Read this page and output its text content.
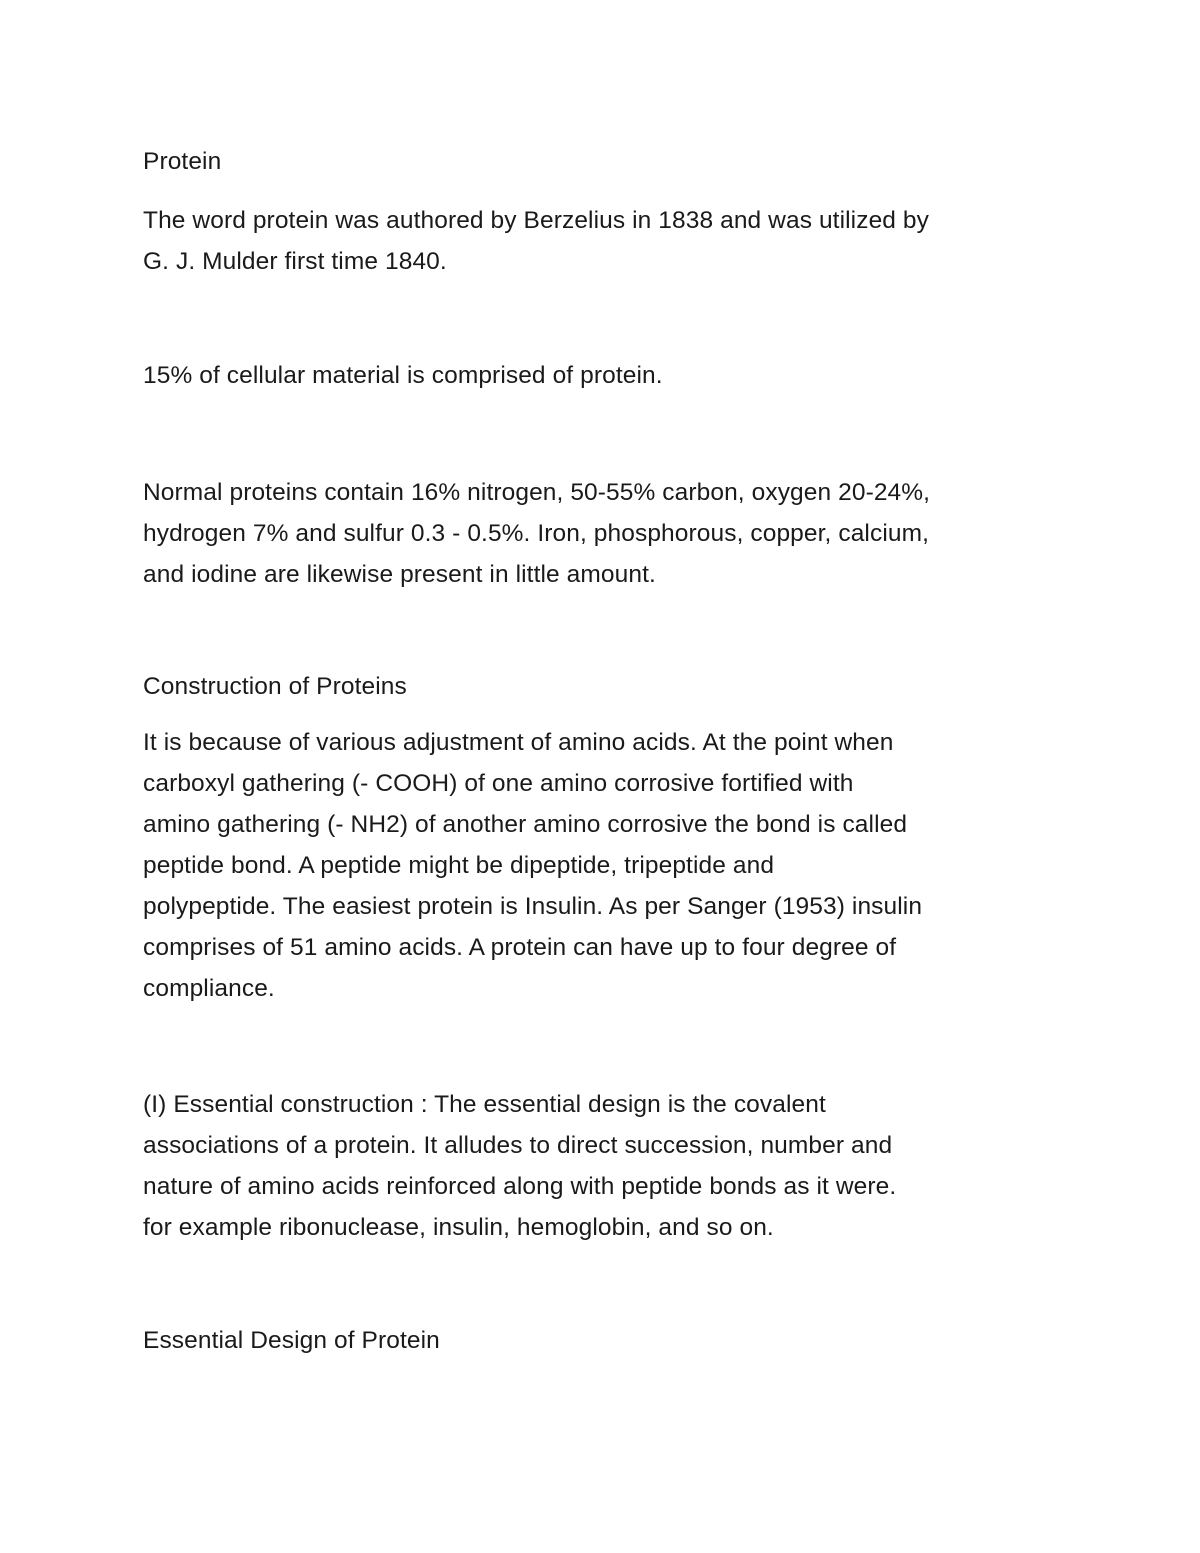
Protein

The word protein was authored by Berzelius in 1838 and was utilized by
G. J. Mulder first time 1840.

15% of cellular material is comprised of protein.

Normal proteins contain 16% nitrogen, 50-55% carbon, oxygen 20-24%,
hydrogen 7% and sulfur 0.3 - 0.5%. Iron, phosphorous, copper, calcium,
and iodine are likewise present in little amount.

Construction of Proteins

It is because of various adjustment of amino acids. At the point when
carboxyl gathering (- COOH) of one amino corrosive fortified with
amino gathering (- NH2) of another amino corrosive the bond is called
peptide bond. A peptide might be dipeptide, tripeptide and
polypeptide. The easiest protein is Insulin. As per Sanger (1953) insulin
comprises of 51 amino acids. A protein can have up to four degree of
compliance.

(I) Essential construction : The essential design is the covalent
associations of a protein. It alludes to direct succession, number and
nature of amino acids reinforced along with peptide bonds as it were.
for example ribonuclease, insulin, hemoglobin, and so on.

Essential Design of Protein
